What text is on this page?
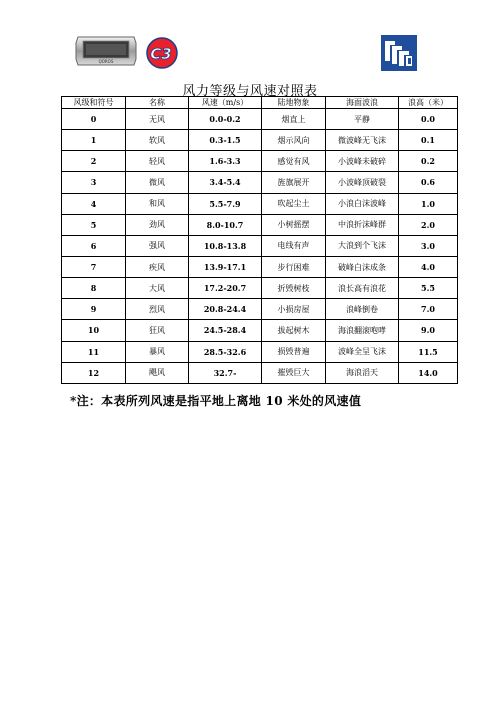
QOROS C3
风力等级与风速对照表
风级和符号	名称	风速（m/s）	陆地物象	海面波浪	浪高（米）
0	无风	0.0-0.2	烟直上	平静	0.0
1	软风	0.3-1.5	烟示风向	微波峰无飞沫	0.1
2	轻风	1.6-3.3	感觉有风	小波峰未破碎	0.2
3	微风	3.4-5.4	旌旗展开	小波峰顶破裂	0.6
4	和风	5.5-7.9	吹起尘土	小浪白沫波峰	1.0
5	劲风	8.0-10.7	小树摇摆	中浪折沫峰群	2.0
6	强风	10.8-13.8	电线有声	大浪到个飞沫	3.0
7	疾风	13.9-17.1	步行困难	破峰白沫成条	4.0
8	大风	17.2-20.7	折毁树枝	浪长高有浪花	5.5
9	烈风	20.8-24.4	小损房屋	浪峰倒卷	7.0
10	狂风	24.5-28.4	拔起树木	海浪翻滚咆哮	9.0
11	暴风	28.5-32.6	损毁普遍	波峰全呈飞沫	11.5
12	飓风	32.7-	摧毁巨大	海浪滔天	14.0
*注：本表所列风速是指平地上离地 10 米处的风速值
